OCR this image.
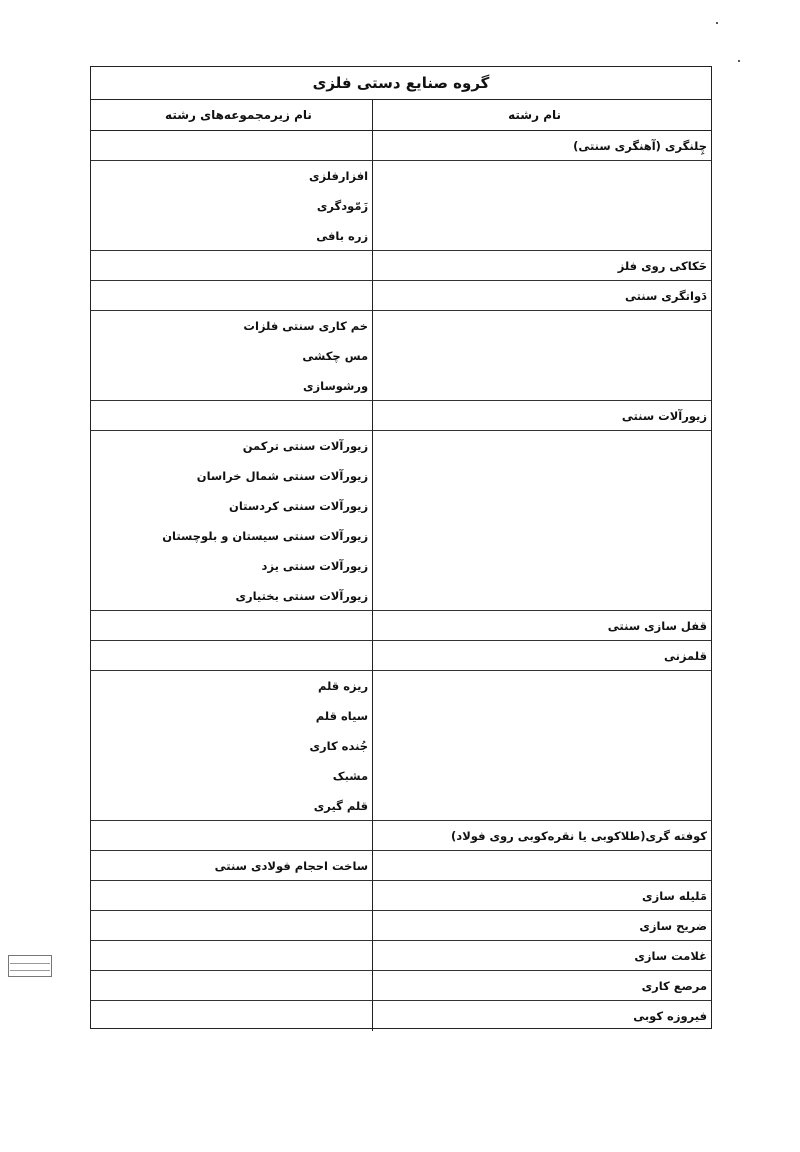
گروه صنایع دستی فلزی
نام رشته
نام زیرمجموعه‌های رشته
چِلنگری (آهنگری سنتی)
افزارفلزی
زَمّودگری
زره بافی
حَکاکی روی فلز
دَواتگری سنتی
خم کاری سنتی فلزات
مس چکشی
ورشوسازی
زیورآلات سنتی
زیورآلات سنتی ترکمن
زیورآلات سنتی شمال خراسان
زیورآلات سنتی کردستان
زیورآلات سنتی سیستان و بلوچستان
زیورآلات سنتی یزد
زیورآلات سنتی بختیاری
قفل سازی سنتی
قلمزنی
ریزه قلم
سیاه قلم
جُنده کاری
مشبک
قلم گیری
کوفته گری(طلاکوبی یا نقره‌کوبی روی فولاد)
ساخت احجام فولادی سنتی
مَلیله سازی
ضریح سازی
غلامت سازی
مرصع کاری
فیروزه کوبی
